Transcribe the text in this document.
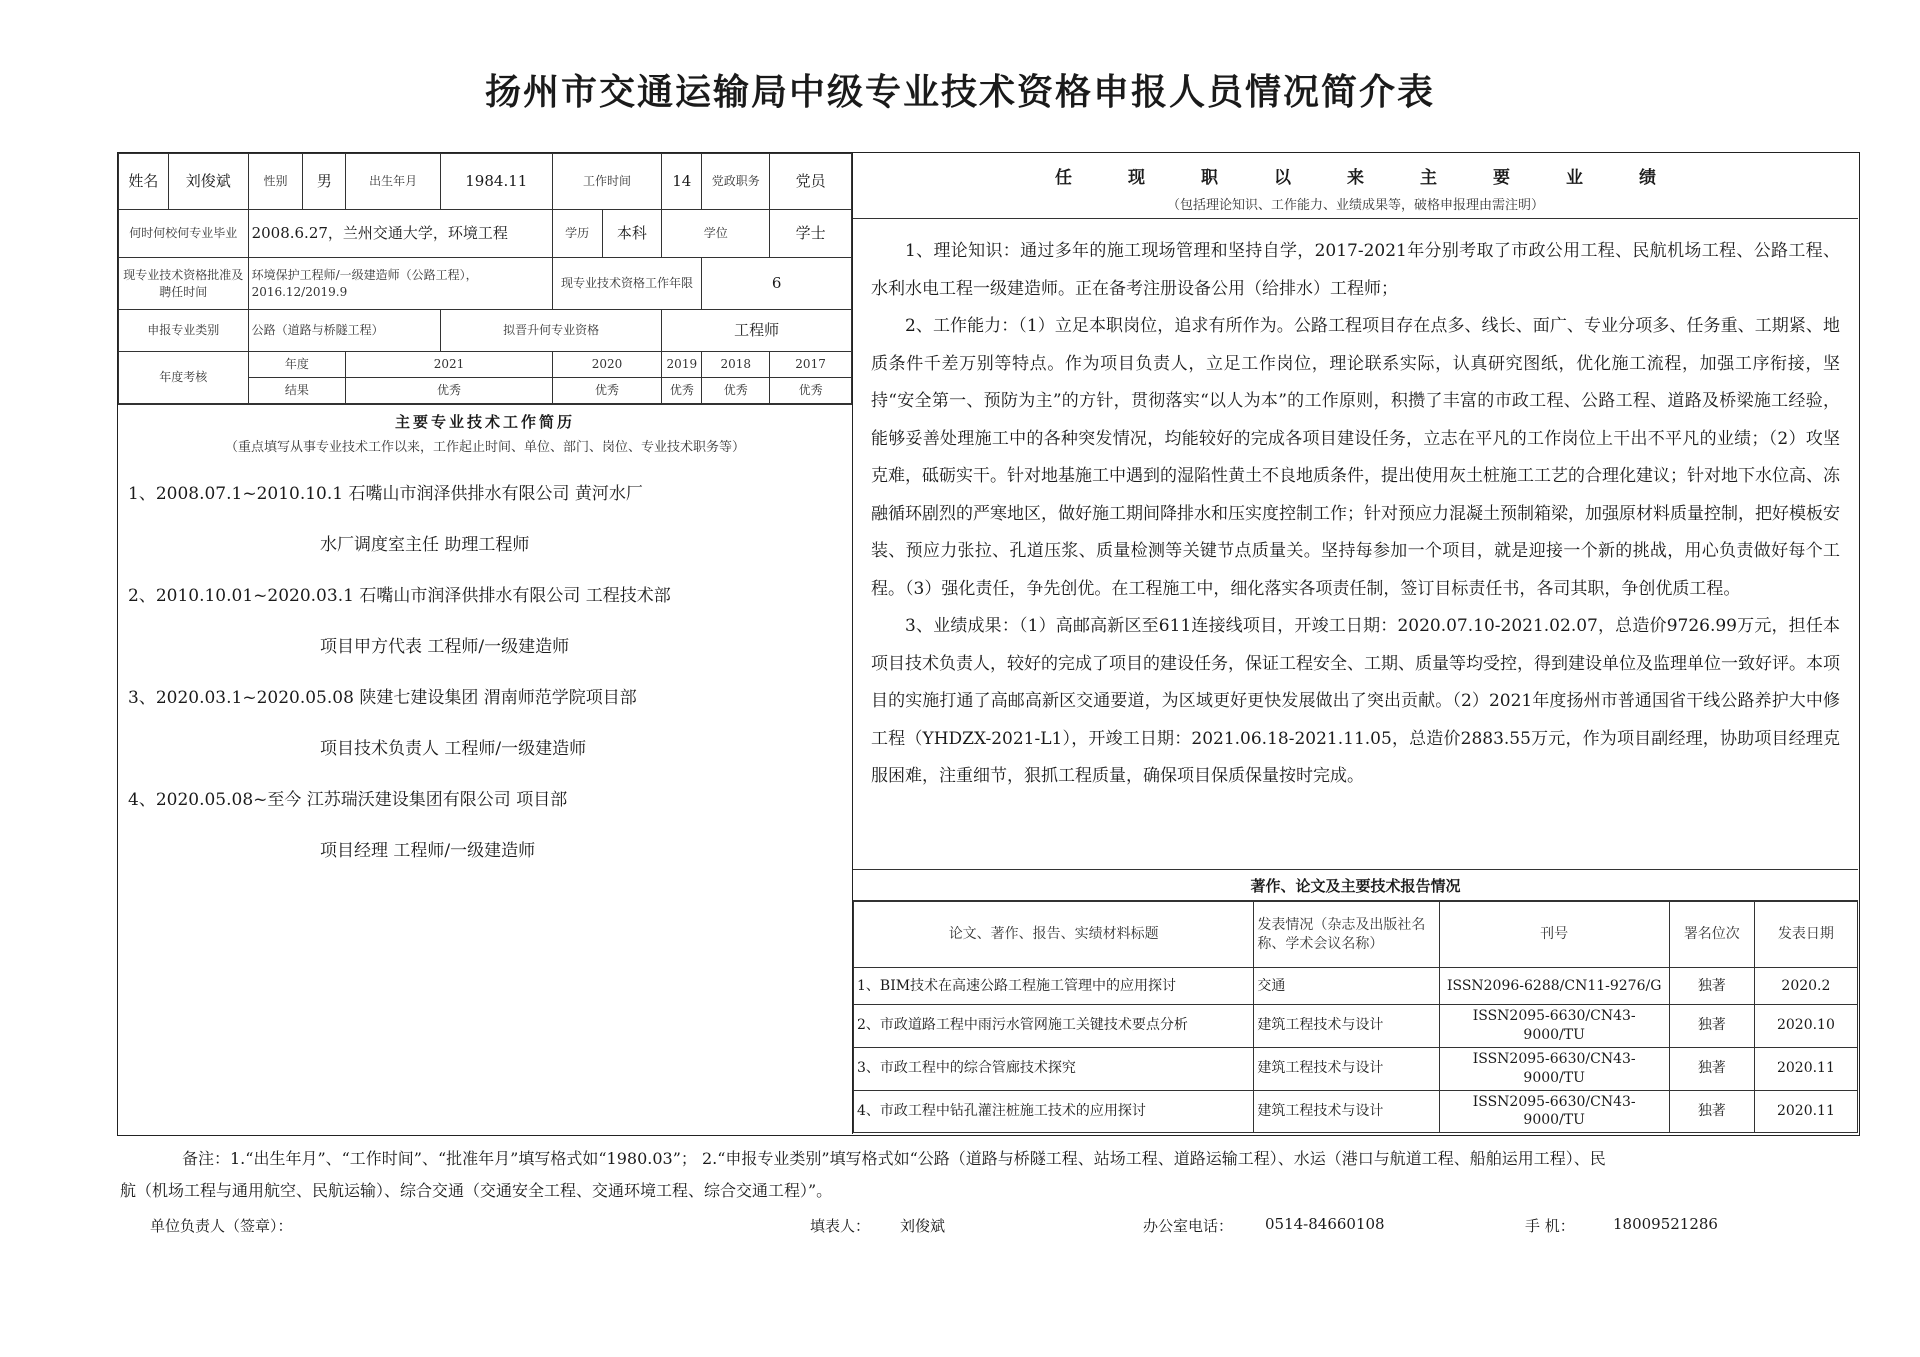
扬州市交通运输局中级专业技术资格申报人员情况简介表
姓名	刘俊斌	性别	男	出生年月	1984.11	工作时间		14	党政职务	党员
何时何校何专业毕业		2008.6.27，兰州交通大学，环境工程				学历	本科	学位		学士
现专业技术资格批准及聘任时间		环境保护工程师/一级建造师（公路工程），2016.12/2019.9				现专业技术资格工作年限			6	
申报专业类别		公路（道路与桥隧工程）			拟晋升何专业资格			工程师		
年度考核		年度		2021		2020		2019	2018	2017
		结果		优秀		优秀		优秀	优秀	优秀
主要专业技术工作简历
（重点填写从事专业技术工作以来，工作起止时间、单位、部门、岗位、专业技术职务等）
1、2008.07.1~2010.10.1 石嘴山市润泽供排水有限公司 黄河水厂
水厂调度室主任 助理工程师
2、2010.10.01~2020.03.1 石嘴山市润泽供排水有限公司 工程技术部
项目甲方代表 工程师/一级建造师
3、2020.03.1~2020.05.08 陕建七建设集团 渭南师范学院项目部
项目技术负责人 工程师/一级建造师
4、2020.05.08~至今 江苏瑞沃建设集团有限公司 项目部
项目经理 工程师/一级建造师
任	现	职	以	来	主	要	业	绩
（包括理论知识、工作能力、业绩成果等，破格申报理由需注明）

1、理论知识：通过多年的施工现场管理和坚持自学，2017-2021年分别考取了市政公用工程、民航机场工程、公路工程、水利水电工程一级建造师。正在备考注册设备公用（给排水）工程师；

2、工作能力：（1）立足本职岗位，追求有所作为。公路工程项目存在点多、线长、面广、专业分项多、任务重、工期紧、地质条件千差万别等特点。作为项目负责人，立足工作岗位，理论联系实际，认真研究图纸，优化施工流程，加强工序衔接，坚持“安全第一、预防为主”的方针，贯彻落实“以人为本”的工作原则，积攒了丰富的市政工程、公路工程、道路及桥梁施工经验，能够妥善处理施工中的各种突发情况，均能较好的完成各项目建设任务，立志在平凡的工作岗位上干出不平凡的业绩；（2）攻坚克难，砥砺实干。针对地基施工中遇到的湿陷性黄土不良地质条件，提出使用灰土桩施工工艺的合理化建议；针对地下水位高、冻融循环剧烈的严寒地区，做好施工期间降排水和压实度控制工作；针对预应力混凝土预制箱梁，加强原材料质量控制，把好模板安装、预应力张拉、孔道压浆、质量检测等关键节点质量关。坚持每参加一个项目，就是迎接一个新的挑战，用心负责做好每个工程。（3）强化责任，争先创优。在工程施工中，细化落实各项责任制，签订目标责任书，各司其职，争创优质工程。

3、业绩成果：（1）高邮高新区至611连接线项目，开竣工日期：2020.07.10-2021.02.07，总造价9726.99万元，担任本项目技术负责人，较好的完成了项目的建设任务，保证工程安全、工期、质量等均受控，得到建设单位及监理单位一致好评。本项目的实施打通了高邮高新区交通要道，为区域更好更快发展做出了突出贡献。（2）2021年度扬州市普通国省干线公路养护大中修工程（YHDZX-2021-L1），开竣工日期：2021.06.18-2021.11.05，总造价2883.55万元，作为项目副经理，协助项目经理克服困难，注重细节，狠抓工程质量，确保项目保质保量按时完成。

著作、论文及主要技术报告情况
论文、著作、报告、实绩材料标题	发表情况（杂志及出版社名称、学术会议名称）	刊号	署名位次	发表日期
1、BIM技术在高速公路工程施工管理中的应用探讨	交通	ISSN2096-6288/CN11-9276/G	独著	2020.2
2、市政道路工程中雨污水管网施工关键技术要点分析	建筑工程技术与设计	ISSN2095-6630/CN43-9000/TU	独著	2020.10
3、市政工程中的综合管廊技术探究	建筑工程技术与设计	ISSN2095-6630/CN43-9000/TU	独著	2020.11
4、市政工程中钻孔灌注桩施工技术的应用探讨	建筑工程技术与设计	ISSN2095-6630/CN43-9000/TU	独著	2020.11
备注：1.“出生年月”、“工作时间”、“批准年月”填写格式如“1980.03”； 2.“申报专业类别”填写格式如“公路（道路与桥隧工程、站场工程、道路运输工程）、水运（港口与航道工程、船舶运用工程）、民
航（机场工程与通用航空、民航运输）、综合交通（交通安全工程、交通环境工程、综合交通工程）”。
单位负责人（签章）：	填表人： 刘俊斌	办公室电话： 0514-84660108	手 机：	18009521286
